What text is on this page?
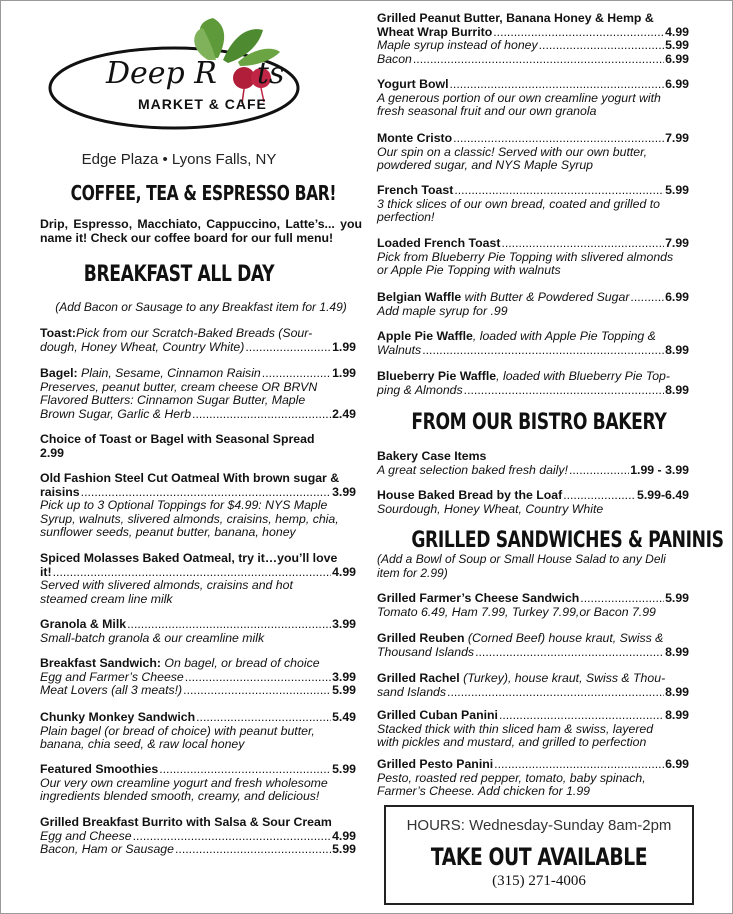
Deep R ts
MARKET & CAFE
Edge Plaza • Lyons Falls, NY
COFFEE, TEA & ESPRESSO BAR!
Drip, Espresso, Macchiato, Cappuccino, Latte’s... you name it! Check our coffee board for our full menu!
BREAKFAST ALL DAY
(Add Bacon or Sausage to any Breakfast item for 1.49)
Toast:Pick from our Scratch-Baked Breads (Sour-
dough, Honey Wheat, Country White) .....	1.99
Bagel: Plain, Sesame, Cinnamon Raisin .....	1.99
Preserves, peanut butter, cream cheese OR BRVN
Flavored Butters: Cinnamon Sugar Butter, Maple
Brown Sugar, Garlic & Herb .....	2.49
Choice of Toast or Bagel with Seasonal Spread
2.99
Old Fashion Steel Cut Oatmeal With brown sugar &
raisins .....	3.99
Pick up to 3 Optional Toppings for $4.99: NYS Maple
Syrup, walnuts, slivered almonds, craisins, hemp, chia,
sunflower seeds, peanut butter, banana, honey
Spiced Molasses Baked Oatmeal, try it…you’ll love
it! .....	4.99
Served with slivered almonds, craisins and hot
steamed cream line milk
Granola & Milk .....	3.99
Small-batch granola & our creamline milk
Breakfast Sandwich: On bagel, or bread of choice
Egg and Farmer’s Cheese .....	3.99
Meat Lovers (all 3 meats!) .....	5.99
Chunky Monkey Sandwich .....	5.49
Plain bagel (or bread of choice) with peanut butter,
banana, chia seed, & raw local honey
Featured Smoothies .....	5.99
Our very own creamline yogurt and fresh wholesome
ingredients blended smooth, creamy, and delicious!
Grilled Breakfast Burrito with Salsa & Sour Cream
Egg and Cheese .....	4.99
Bacon, Ham or Sausage .....	5.99
Grilled Peanut Butter, Banana Honey & Hemp &
Wheat Wrap Burrito .....	4.99
Maple syrup instead of honey .....	5.99
Bacon .....	6.99
Yogurt Bowl .....	6.99
A generous portion of our own creamline yogurt with
fresh seasonal fruit and our own granola
Monte Cristo .....	7.99
Our spin on a classic! Served with our own butter,
powdered sugar, and NYS Maple Syrup
French Toast .....	5.99
3 thick slices of our own bread, coated and grilled to
perfection!
Loaded French Toast .....	7.99
Pick from Blueberry Pie Topping with slivered almonds
or Apple Pie Topping with walnuts
Belgian Waffle with Butter & Powdered Sugar .....	6.99
Add maple syrup for .99
Apple Pie Waffle, loaded with Apple Pie Topping &
Walnuts .....	8.99
Blueberry Pie Waffle, loaded with Blueberry Pie Top-
ping & Almonds .....	8.99
FROM OUR BISTRO BAKERY
Bakery Case Items
A great selection baked fresh daily! .....	1.99 - 3.99
House Baked Bread by the Loaf .....	5.99-6.49
Sourdough, Honey Wheat, Country White
GRILLED SANDWICHES & PANINIS
(Add a Bowl of Soup or Small House Salad to any Deli item for 2.99)
Grilled Farmer’s Cheese Sandwich .....	5.99
Tomato 6.49, Ham 7.99, Turkey 7.99,or Bacon 7.99
Grilled Reuben (Corned Beef) house kraut, Swiss &
Thousand Islands .....	8.99
Grilled Rachel (Turkey), house kraut, Swiss & Thou-
sand Islands .....	8.99
Grilled Cuban Panini .....	8.99
Stacked thick with thin sliced ham & swiss, layered
with pickles and mustard, and grilled to perfection
Grilled Pesto Panini .....	6.99
Pesto, roasted red pepper, tomato, baby spinach,
Farmer’s Cheese. Add chicken for 1.99
HOURS: Wednesday-Sunday 8am-2pm
TAKE OUT AVAILABLE
(315) 271-4006
